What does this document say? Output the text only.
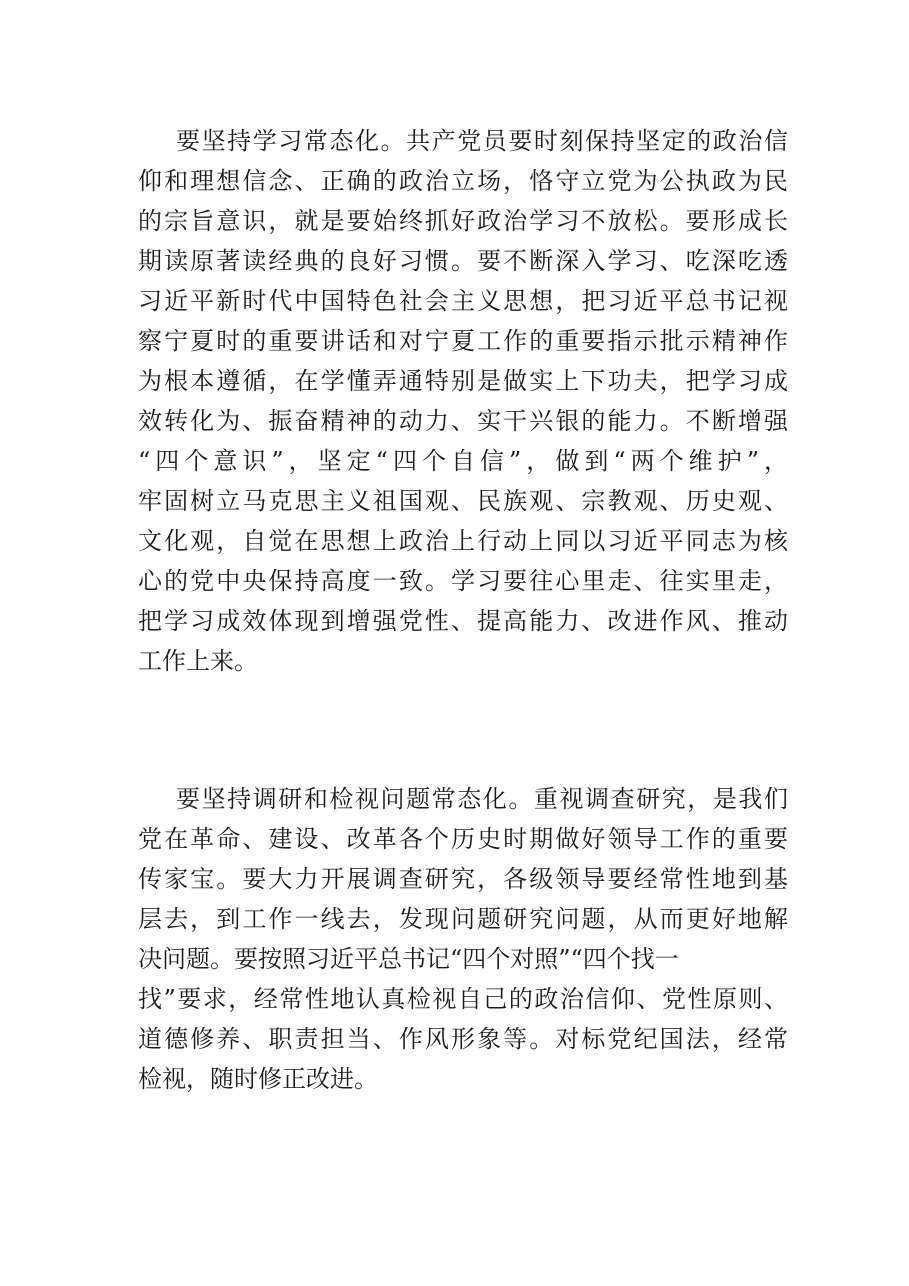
要坚持学习常态化。共产党员要时刻保持坚定的政治信
仰和理想信念、正确的政治立场，恪守立党为公执政为民
的宗旨意识，就是要始终抓好政治学习不放松。要形成长
期读原著读经典的良好习惯。要不断深入学习、吃深吃透
习近平新时代中国特色社会主义思想，把习近平总书记视
察宁夏时的重要讲话和对宁夏工作的重要指示批示精神作
为根本遵循，在学懂弄通特别是做实上下功夫，把学习成
效转化为、振奋精神的动力、实干兴银的能力。不断增强
“四个意识”，坚定“四个自信”，做到“两个维护”，
牢固树立马克思主义祖国观、民族观、宗教观、历史观、
文化观，自觉在思想上政治上行动上同以习近平同志为核
心的党中央保持高度一致。学习要往心里走、往实里走，
把学习成效体现到增强党性、提高能力、改进作风、推动
工作上来。
要坚持调研和检视问题常态化。重视调查研究，是我们
党在革命、建设、改革各个历史时期做好领导工作的重要
传家宝。要大力开展调查研究，各级领导要经常性地到基
层去，到工作一线去，发现问题研究问题，从而更好地解
决问题。要按照习近平总书记“四个对照”“四个找一
找”要求，经常性地认真检视自己的政治信仰、党性原则、
道德修养、职责担当、作风形象等。对标党纪国法，经常
检视，随时修正改进。
